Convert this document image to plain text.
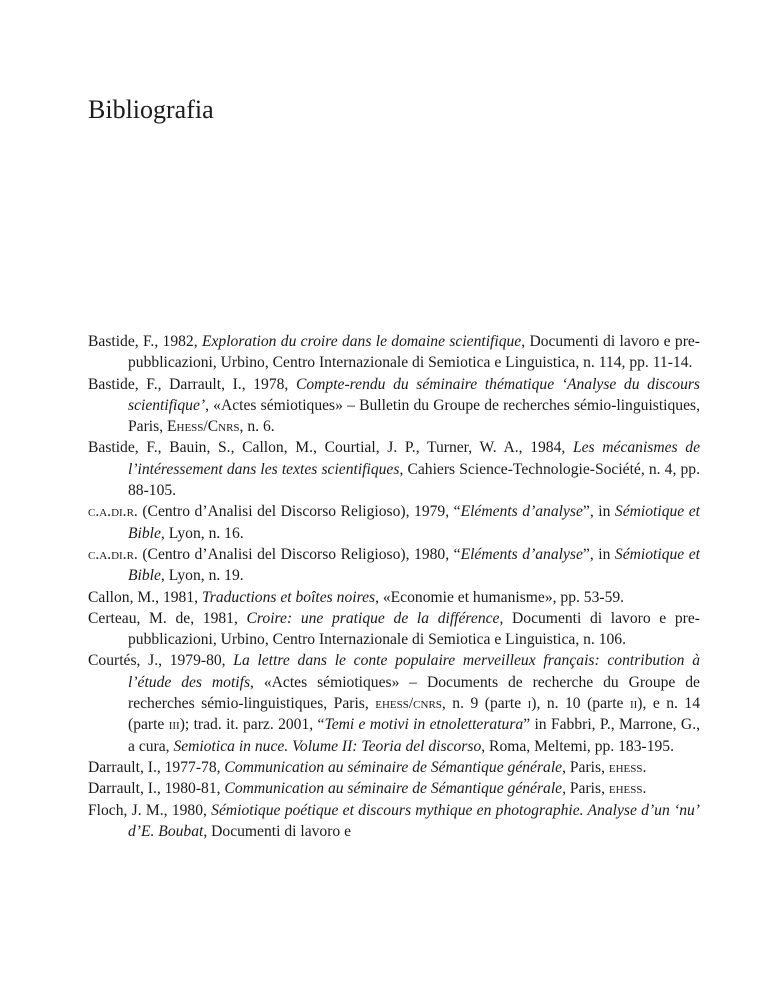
Bibliografia

Bastide, F., 1982, Exploration du croire dans le domaine scientifique, Documenti di lavoro e pre-pubblicazioni, Urbino, Centro Internazionale di Semiotica e Linguistica, n. 114, pp. 11-14.

Bastide, F., Darrault, I., 1978, Compte-rendu du séminaire thématique ‘Analyse du discours scientifique’, «Actes sémiotiques» – Bulletin du Groupe de recherches sémio-linguistiques, Paris, Ehess/Cnrs, n. 6.

Bastide, F., Bauin, S., Callon, M., Courtial, J. P., Turner, W. A., 1984, Les mécanismes de l’intéressement dans les textes scientifiques, Cahiers Science-Technologie-Société, n. 4, pp. 88-105.

c.a.di.r. (Centro d’Analisi del Discorso Religioso), 1979, “Eléments d’analyse”, in Sémiotique et Bible, Lyon, n. 16.

c.a.di.r. (Centro d’Analisi del Discorso Religioso), 1980, “Eléments d’analyse”, in Sémiotique et Bible, Lyon, n. 19.

Callon, M., 1981, Traductions et boîtes noires, «Economie et humanisme», pp. 53-59.

Certeau, M. de, 1981, Croire: une pratique de la différence, Documenti di lavoro e pre-pubblicazioni, Urbino, Centro Internazionale di Semiotica e Linguistica, n. 106.

Courtés, J., 1979-80, La lettre dans le conte populaire merveilleux français: contribution à l’étude des motifs, «Actes sémiotiques» – Documents de recherche du Groupe de recherches sémio-linguistiques, Paris, ehess/cnrs, n. 9 (parte i), n. 10 (parte ii), e n. 14 (parte iii); trad. it. parz. 2001, “Temi e motivi in etnoletteratura” in Fabbri, P., Marrone, G., a cura, Semiotica in nuce. Volume II: Teoria del discorso, Roma, Meltemi, pp. 183-195.

Darrault, I., 1977-78, Communication au séminaire de Sémantique générale, Paris, ehess.

Darrault, I., 1980-81, Communication au séminaire de Sémantique générale, Paris, ehess.

Floch, J. M., 1980, Sémiotique poétique et discours mythique en photographie. Analyse d’un ‘nu’ d’E. Boubat, Documenti di lavoro e
